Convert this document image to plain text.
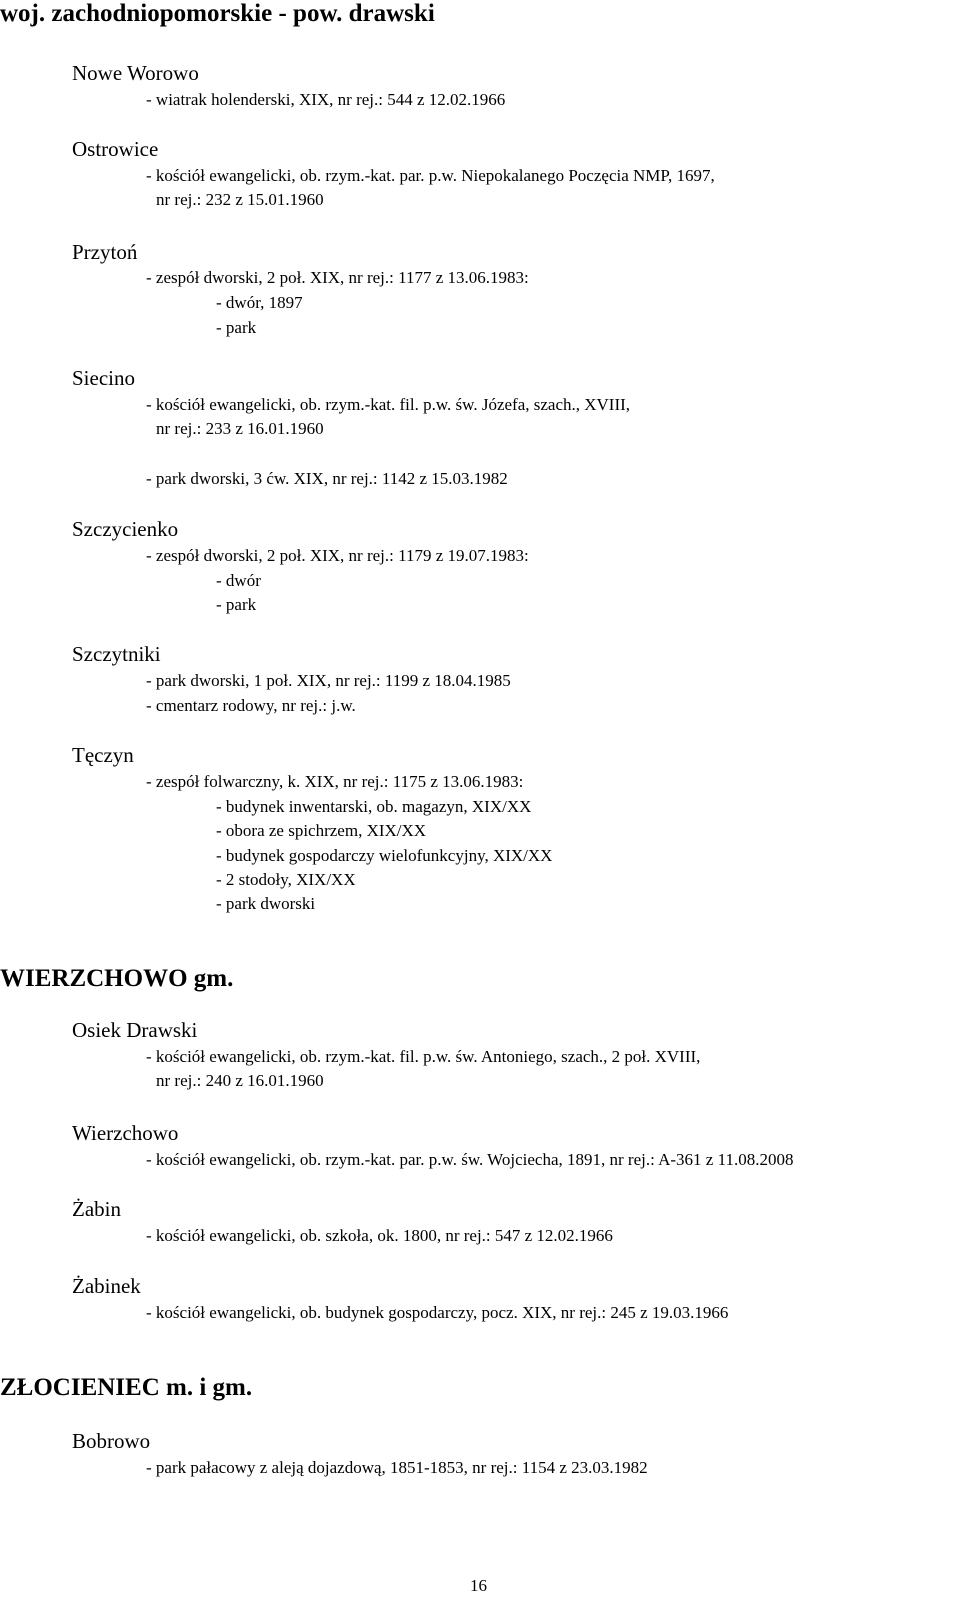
woj. zachodniopomorskie - pow. drawski

Nowe Worowo

- wiatrak holenderski, XIX, nr rej.: 544 z 12.02.1966

Ostrowice

- kościół ewangelicki, ob. rzym.-kat. par. p.w. Niepokalanego Poczęcia NMP, 1697,

nr rej.: 232 z 15.01.1960

Przytoń

- zespół dworski, 2 poł. XIX, nr rej.: 1177 z 13.06.1983:

- dwór, 1897

- park

Siecino

- kościół ewangelicki, ob. rzym.-kat. fil. p.w. św. Józefa, szach., XVIII,

nr rej.: 233 z 16.01.1960

- park dworski, 3 ćw. XIX, nr rej.: 1142 z 15.03.1982

Szczycienko

- zespół dworski, 2 poł. XIX, nr rej.: 1179 z 19.07.1983:

- dwór

- park

Szczytniki

- park dworski, 1 poł. XIX, nr rej.: 1199 z 18.04.1985

- cmentarz rodowy, nr rej.: j.w.

Tęczyn

- zespół folwarczny, k. XIX, nr rej.: 1175 z 13.06.1983:

- budynek inwentarski, ob. magazyn, XIX/XX

- obora ze spichrzem, XIX/XX

- budynek gospodarczy wielofunkcyjny, XIX/XX

- 2 stodoły, XIX/XX

- park dworski

WIERZCHOWO gm.

Osiek Drawski

- kościół ewangelicki, ob. rzym.-kat. fil. p.w. św. Antoniego, szach., 2 poł. XVIII,

nr rej.: 240 z 16.01.1960

Wierzchowo

- kościół ewangelicki, ob. rzym.-kat. par. p.w. św. Wojciecha, 1891, nr rej.: A-361 z 11.08.2008

Żabin

- kościół ewangelicki, ob. szkoła, ok. 1800, nr rej.: 547 z 12.02.1966

Żabinek

- kościół ewangelicki, ob. budynek gospodarczy, pocz. XIX, nr rej.: 245 z 19.03.1966

ZŁOCIENIEC m. i gm.

Bobrowo

- park pałacowy z aleją dojazdową, 1851-1853, nr rej.: 1154 z 23.03.1982

16
